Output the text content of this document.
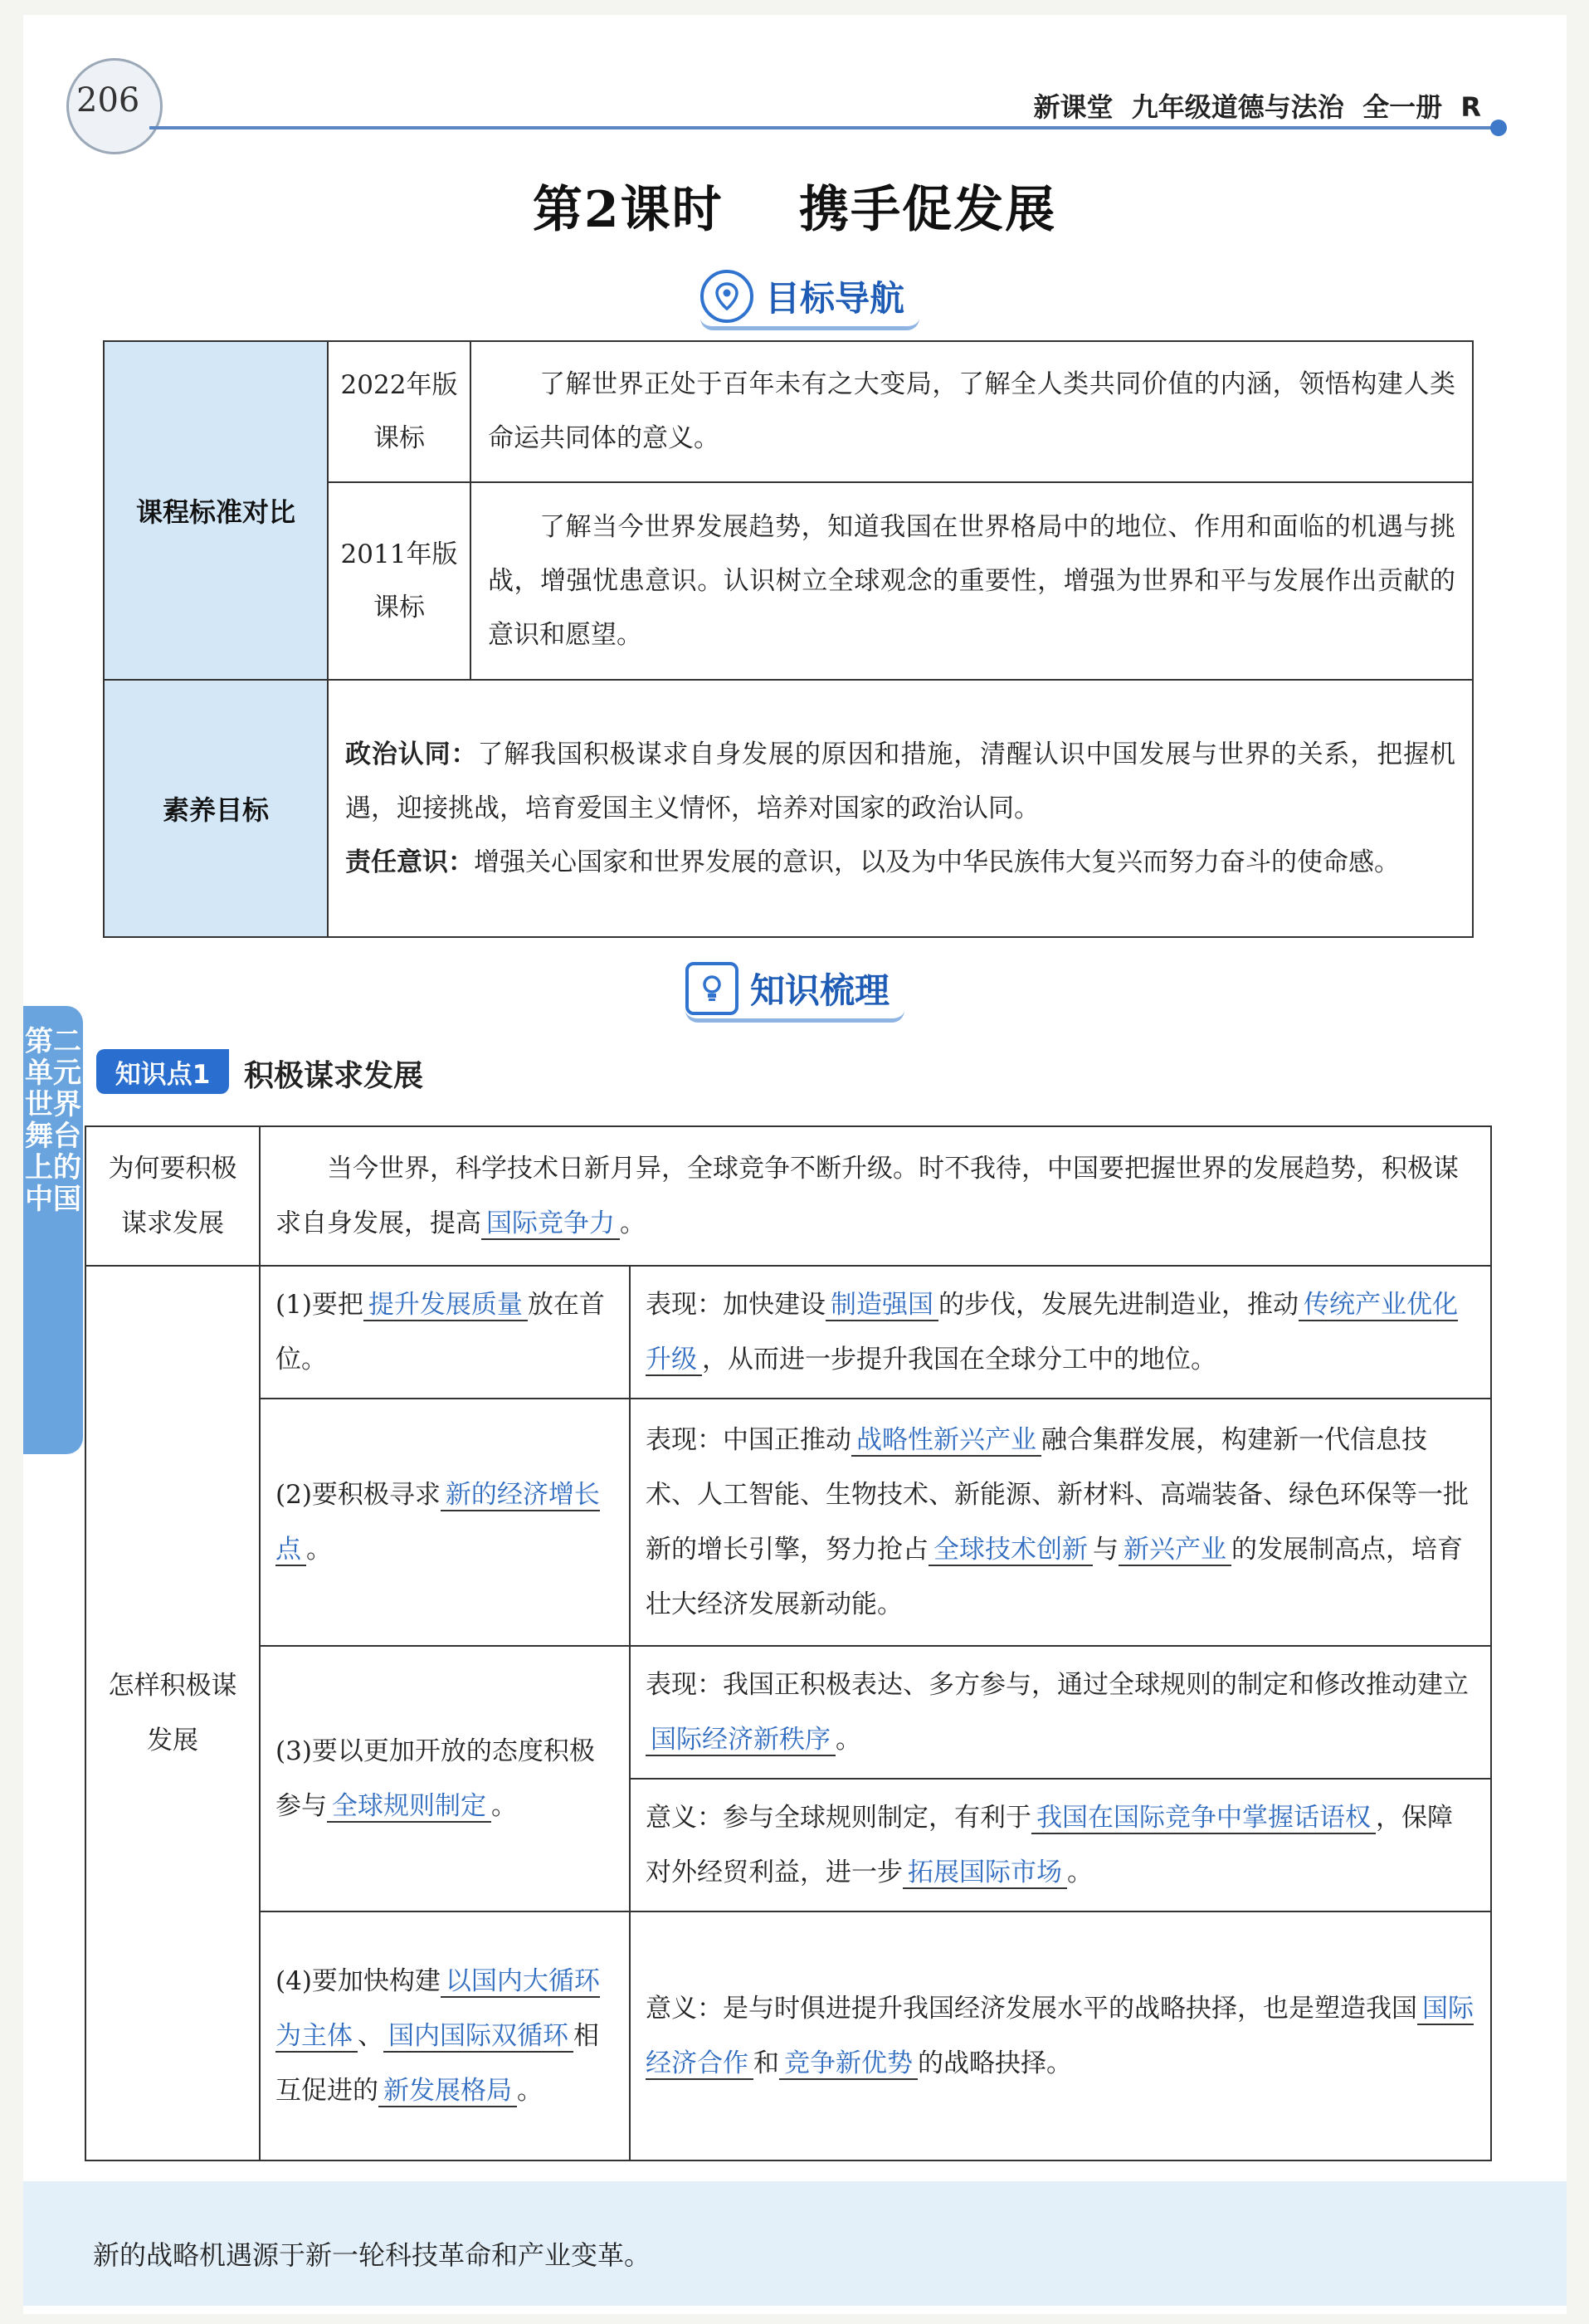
206	新课堂  九年级道德与法治  全一册  R
第2课时    携手促发展
目标导航
课程标准对比	2022年版课标	了解世界正处于百年未有之大变局，了解全人类共同价值的内涵，领悟构建人类命运共同体的意义。
	2011年版课标	了解当今世界发展趋势，知道我国在世界格局中的地位、作用和面临的机遇与挑战，增强忧患意识。认识树立全球观念的重要性，增强为世界和平与发展作出贡献的意识和愿望。
素养目标	政治认同：了解我国积极谋求自身发展的原因和措施，清醒认识中国发展与世界的关系，把握机遇，迎接挑战，培育爱国主义情怀，培养对国家的政治认同。
责任意识：增强关心国家和世界发展的意识，以及为中华民族伟大复兴而努力奋斗的使命感。	
知识梳理
第二单元 世界舞台上的中国
知识点1	积极谋求发展
为何要积极谋求发展	当今世界，科学技术日新月异，全球竞争不断升级。时不我待，中国要把握世界的发展趋势，积极谋求自身发展，提高 国际竞争力 。	
怎样积极谋发展	(1)要把 提升发展质量 放在首位。	表现：加快建设 制造强国 的步伐，发展先进制造业，推动 传统产业优化升级 ，从而进一步提升我国在全球分工中的地位。
	(2)要积极寻求 新的经济增长点 。	表现：中国正推动 战略性新兴产业 融合集群发展，构建新一代信息技术、人工智能、生物技术、新能源、新材料、高端装备、绿色环保等一批新的增长引擎，努力抢占 全球技术创新 与 新兴产业 的发展制高点，培育壮大经济发展新动能。
	(3)要以更加开放的态度积极参与 全球规则制定 。	表现：我国正积极表达、多方参与，通过全球规则的制定和修改推动建立国际经济新秩序 。
		意义：参与全球规则制定，有利于 我国在国际竞争中掌握话语权 ，保障对外经贸利益，进一步 拓展国际市场 。
	(4)要加快构建 以国内大循环为主体 、 国内国际双循环 相互促进的 新发展格局 。	意义：是与时俱进提升我国经济发展水平的战略抉择，也是塑造我国 国际经济合作 和 竞争新优势 的战略抉择。
新的战略机遇源于新一轮科技革命和产业变革。
